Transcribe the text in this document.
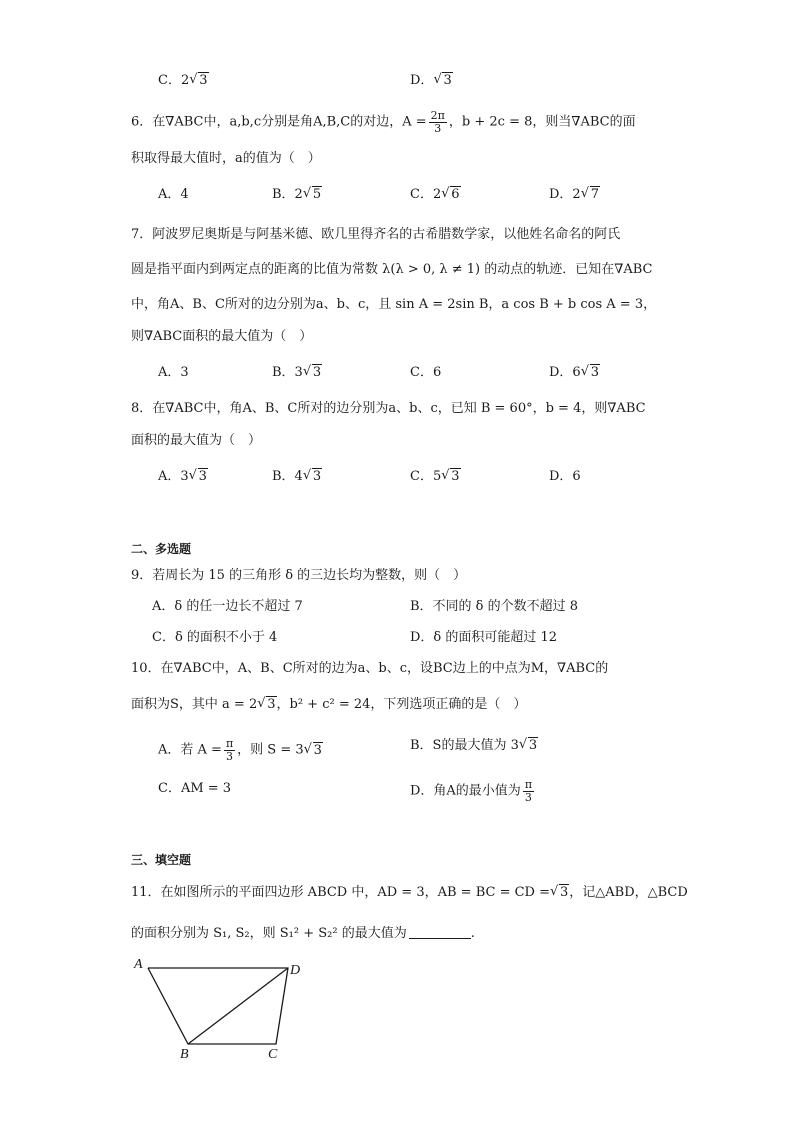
C．2 √ 3	D． √ 3
6．在∇ABC中，a,b,c分别是角A,B,C的对边，$A = \frac{2\pi}{3}$ ，b + 2c = 8，则当∇ABC的面
积取得最大值时，a的值为（　）
A．4	B．2 √ 5	C．2 √ 6	D．2 √ 7
7．阿波罗尼奥斯是与阿基米德、欧几里得齐名的古希腊数学家，以他姓名命名的阿氏
圆是指平面内到两定点的距离的比值为常数 λ(λ > 0, λ ≠ 1) 的动点的轨迹．已知在∇ABC
中，角A、B、C所对的边分别为a、b、c，且 sin A = 2sin B，a cos B + b cos A = 3，
则∇ABC面积的最大值为（　）
A．3	B．3 √ 3	C．6	D．6 √ 3
8．在∇ABC中，角A、B、C所对的边分别为a、b、c，已知 B = 60°，b = 4，则∇ABC
面积的最大值为（　）
A．3 √ 3	B．4 √ 3	C．5 √ 3	D．6
二、多选题
9．若周长为 15 的三角形 δ 的三边长均为整数，则（　）
A．δ 的任一边长不超过 7	B．不同的 δ 的个数不超过 8
C．δ 的面积不小于 4	D．δ 的面积可能超过 12
10．在∇ABC中，A、B、C所对的边为a、b、c，设BC边上的中点为M，∇ABC的
面积为S，其中 a = 2 √ 3，b² + c² = 24，下列选项正确的是（　）
A．若 $A = \frac{\pi}{3}$ ，则 S = 3 √ 3	B．S的最大值为 3 √ 3
C．AM = 3	D．角A的最小值为 $\frac{\pi}{3}$
三、填空题
11．在如图所示的平面四边形 ABCD 中，AD = 3，AB = BC = CD = √ 3，记△ABD，△BCD
的面积分别为 S₁, S₂，则 S₁² + S₂² 的最大值为	.
A	D
B	C
